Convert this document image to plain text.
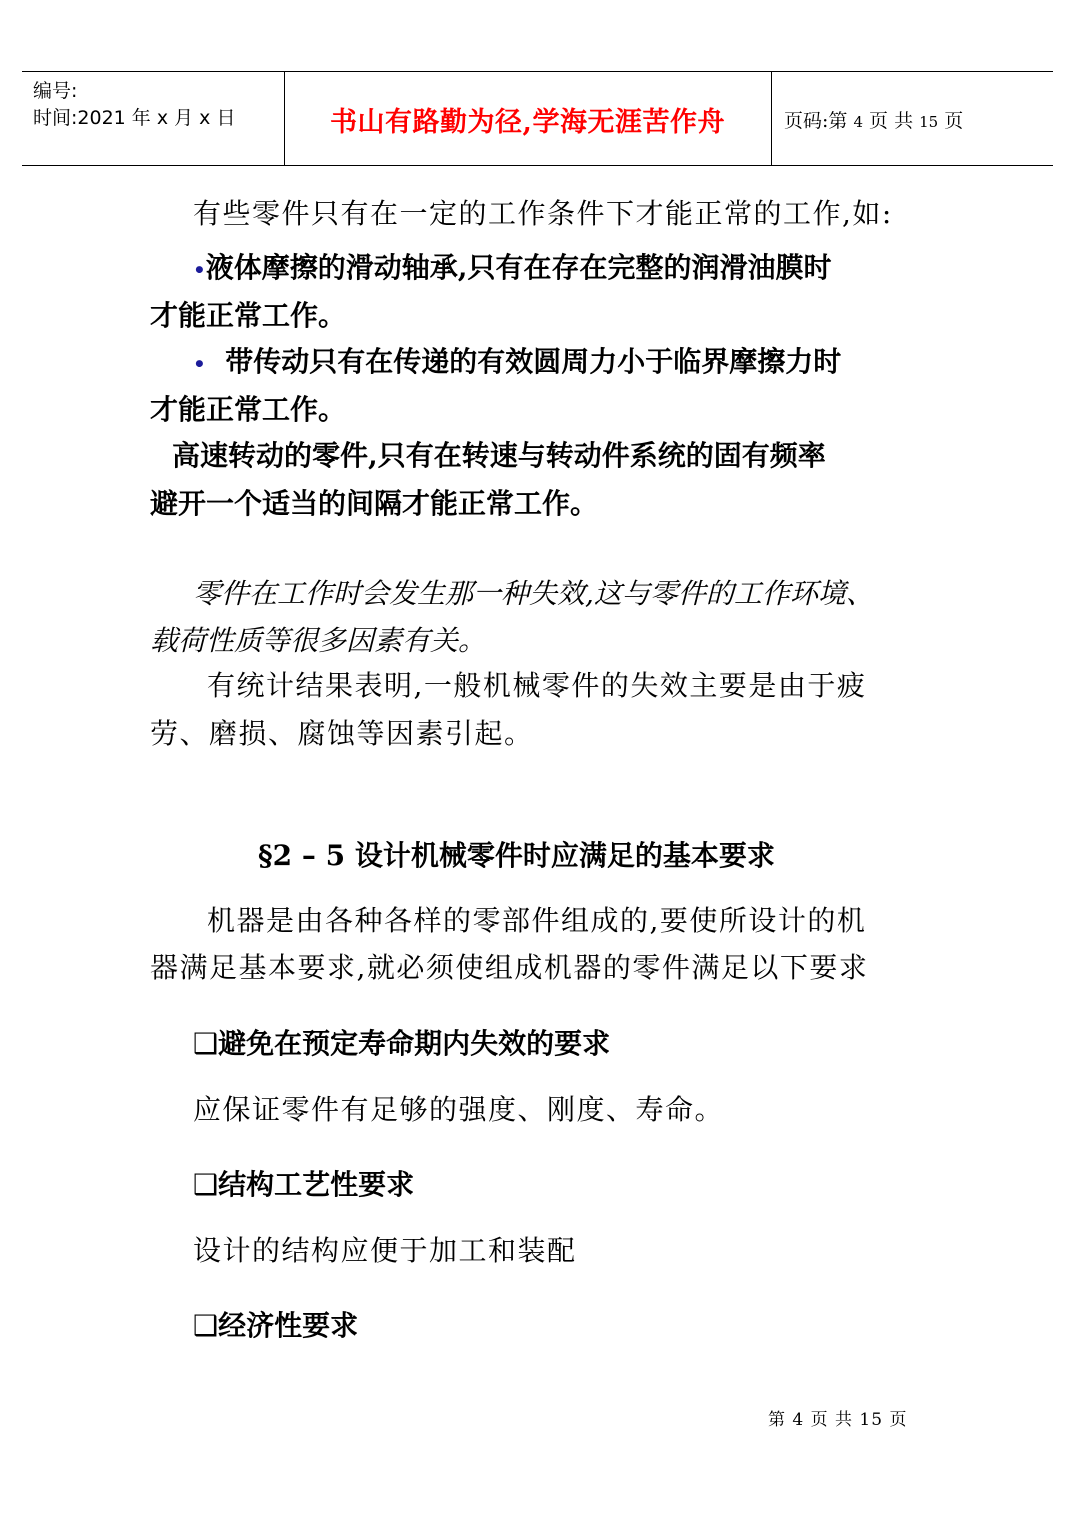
编号:
时间:2021 年 x 月 x 日	书山有路勤为径,学海无涯苦作舟	页码:第 4 页 共 15 页
有些零件只有在一定的工作条件下才能正常的工作,如:
•液体摩擦的滑动轴承,只有在存在完整的润滑油膜时
才能正常工作。
• 带传动只有在传递的有效圆周力小于临界摩擦力时
才能正常工作。
高速转动的零件,只有在转速与转动件系统的固有频率
避开一个适当的间隔才能正常工作。
零件在工作时会发生那一种失效,这与零件的工作环境、
载荷性质等很多因素有关。
有统计结果表明,一般机械零件的失效主要是由于疲
劳、磨损、腐蚀等因素引起。
§2 – 5 设计机械零件时应满足的基本要求
机器是由各种各样的零部件组成的,要使所设计的机
器满足基本要求,就必须使组成机器的零件满足以下要求
❑避免在预定寿命期内失效的要求
应保证零件有足够的强度、刚度、寿命。
❑结构工艺性要求
设计的结构应便于加工和装配
❑经济性要求
第 4 页 共 15 页
